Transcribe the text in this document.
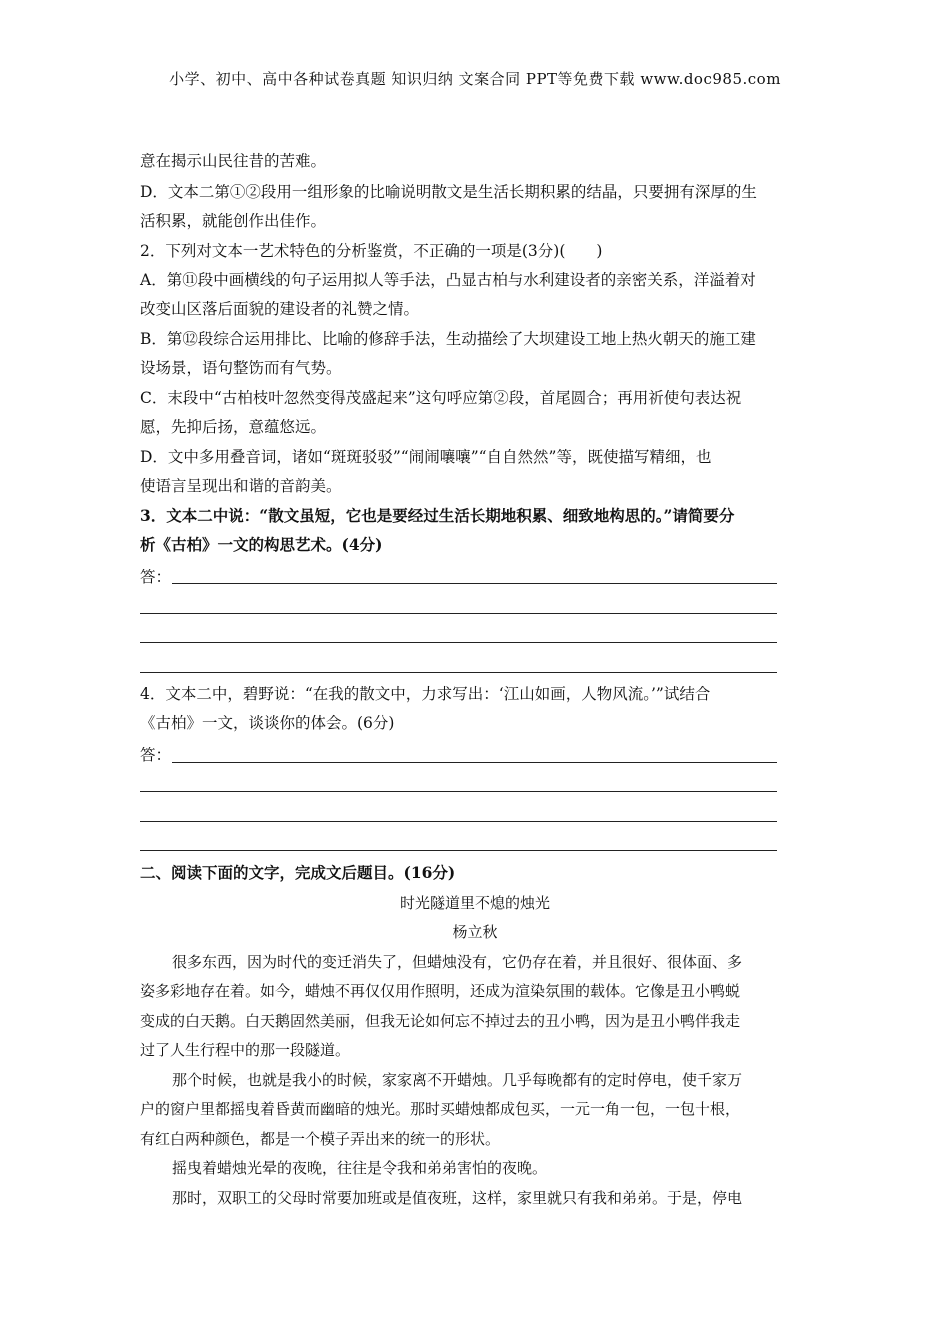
小学、初中、高中各种试卷真题 知识归纳 文案合同 PPT等免费下载 www.doc985.com
意在揭示山民往昔的苦难。
D．文本二第①②段用一组形象的比喻说明散文是生活长期积累的结晶，只要拥有深厚的生
活积累，就能创作出佳作。
2．下列对文本一艺术特色的分析鉴赏，不正确的一项是(3分)(　　)
A．第⑪段中画横线的句子运用拟人等手法，凸显古柏与水利建设者的亲密关系，洋溢着对
改变山区落后面貌的建设者的礼赞之情。
B．第⑫段综合运用排比、比喻的修辞手法，生动描绘了大坝建设工地上热火朝天的施工建
设场景，语句整饬而有气势。
C．末段中“古柏枝叶忽然变得茂盛起来”这句呼应第②段，首尾圆合；再用祈使句表达祝
愿，先抑后扬，意蕴悠远。
D．文中多用叠音词，诸如“斑斑驳驳”“闹闹嚷嚷”“自自然然”等，既使描写精细，也
使语言呈现出和谐的音韵美。
3．文本二中说：“散文虽短，它也是要经过生活长期地积累、细致地构思的。”请简要分
析《古柏》一文的构思艺术。(4分)
答：
4．文本二中，碧野说：“在我的散文中，力求写出：‘江山如画，人物风流。’”试结合
《古柏》一文，谈谈你的体会。(6分)
答：
二、阅读下面的文字，完成文后题目。(16分)
时光隧道里不熄的烛光
杨立秋
很多东西，因为时代的变迁消失了，但蜡烛没有，它仍存在着，并且很好、很体面、多
姿多彩地存在着。如今，蜡烛不再仅仅用作照明，还成为渲染氛围的载体。它像是丑小鸭蜕
变成的白天鹅。白天鹅固然美丽，但我无论如何忘不掉过去的丑小鸭，因为是丑小鸭伴我走
过了人生行程中的那一段隧道。
那个时候，也就是我小的时候，家家离不开蜡烛。几乎每晚都有的定时停电，使千家万
户的窗户里都摇曳着昏黄而幽暗的烛光。那时买蜡烛都成包买，一元一角一包，一包十根，
有红白两种颜色，都是一个模子弄出来的统一的形状。
摇曳着蜡烛光晕的夜晚，往往是令我和弟弟害怕的夜晚。
那时，双职工的父母时常要加班或是值夜班，这样，家里就只有我和弟弟。于是，停电
